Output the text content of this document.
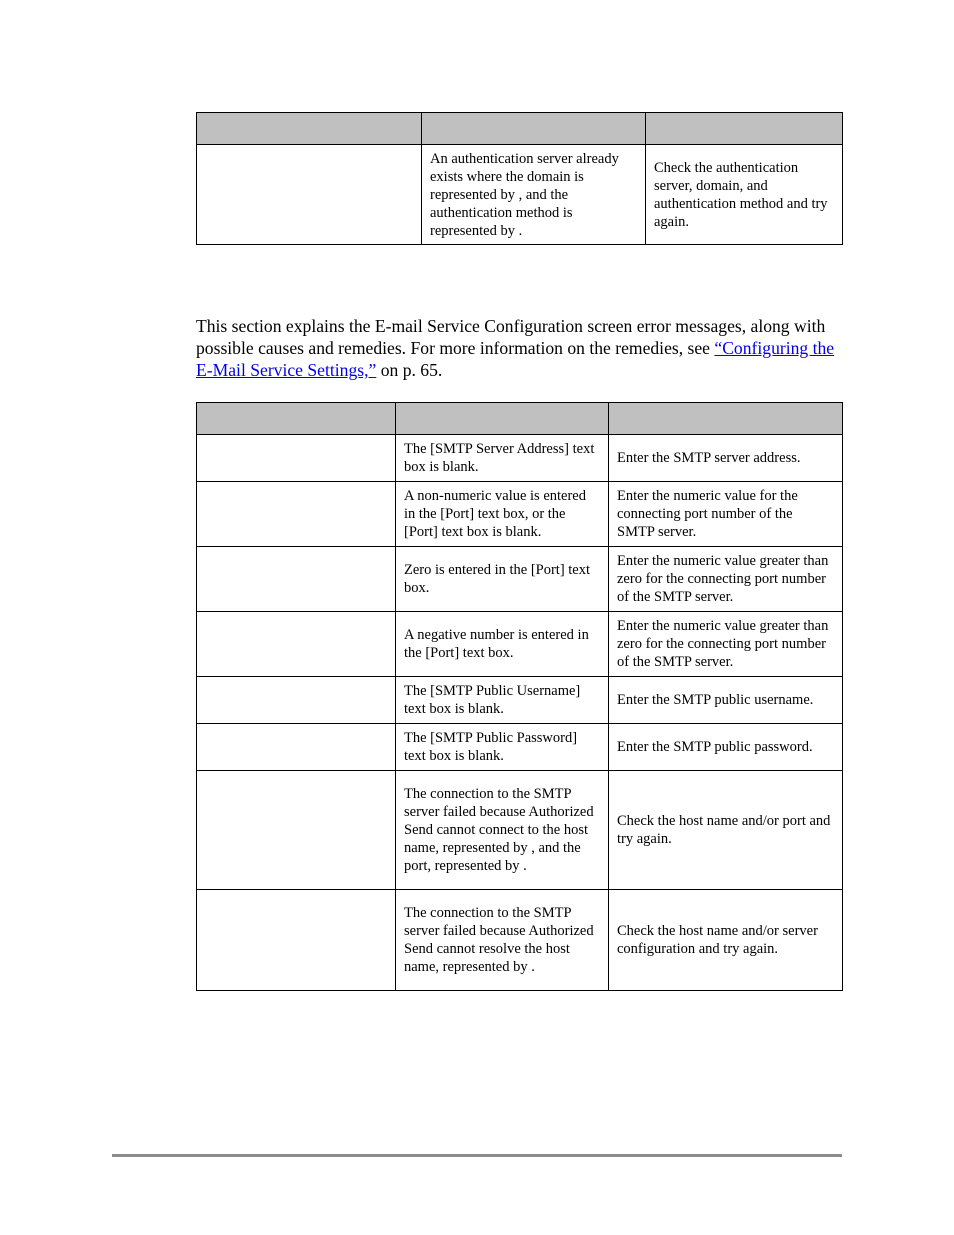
	An authentication server already exists where the domain is represented by , and the authentication method is represented by .	Check the authentication server, domain, and authentication method and try again.

This section explains the E-mail Service Configuration screen error messages, along with possible causes and remedies. For more information on the remedies, see “Configuring the E-Mail Service Settings,” on p. 65.

	The [SMTP Server Address] text box is blank.	Enter the SMTP server address.
	A non-numeric value is entered in the [Port] text box, or the [Port] text box is blank.	Enter the numeric value for the connecting port number of the SMTP server.
	Zero is entered in the [Port] text box.	Enter the numeric value greater than zero for the connecting port number of the SMTP server.
	A negative number is entered in the [Port] text box.	Enter the numeric value greater than zero for the connecting port number of the SMTP server.
	The [SMTP Public Username] text box is blank.	Enter the SMTP public username.
	The [SMTP Public Password] text box is blank.	Enter the SMTP public password.
	The connection to the SMTP server failed because Authorized Send cannot connect to the host name, represented by , and the port, represented by .	Check the host name and/or port and try again.
	The connection to the SMTP server failed because Authorized Send cannot resolve the host name, represented by .	Check the host name and/or server configuration and try again.
